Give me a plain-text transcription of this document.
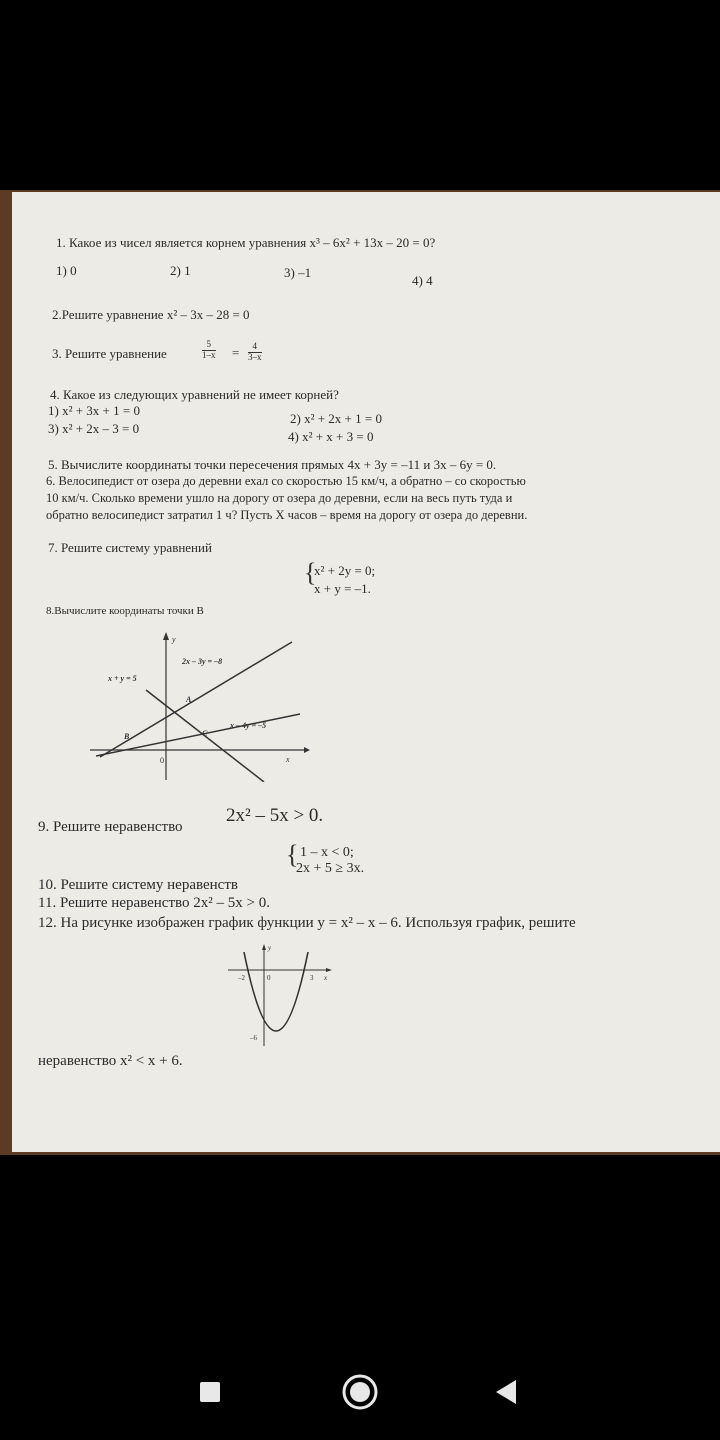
1. Какое из чисел является корнем уравнения x³ – 6x² + 13x – 20 = 0?
1) 0	2) 1	3) –1
4) 4
2.Решите уравнение x² – 3x – 28 = 0
3. Решите уравнение	$\frac{5}{1-x} = \frac{4}{3-x}$
4. Какое из следующих уравнений не имеет корней?
1) x² + 3x + 1 = 0
2) x² + 2x + 1 = 0
3) x² + 2x – 3 = 0
4) x² + x + 3 = 0
5. Вычислите координаты точки пересечения прямых 4x + 3y = –11 и 3x – 6y = 0.
6. Велосипедист от озера до деревни ехал со скоростью 15 км/ч, а обратно – со скоростью
10 км/ч. Сколько времени ушло на дорогу от озера до деревни, если на весь путь туда и
обратно велосипедист затратил 1 ч? Пусть X часов – время на дорогу от озера до деревни.
7. Решите систему уравнений
{
x² + 2y = 0;
x + y = –1.
8.Вычислите координаты точки В
y
x
0
2x – 3y = –8
x + y = 5
x – 4y = –5
A
B	C
9. Решите неравенство
2x² – 5x > 0.
{ 1 – x < 0;
2x + 5 ≥ 3x.
10. Решите систему неравенств
11. Решите неравенство 2x² – 5x > 0.
12. На рисунке изображен график функции y = x² – x – 6. Используя график, решите
y
x
0
–2	3
–6
неравенство x² < x + 6.
